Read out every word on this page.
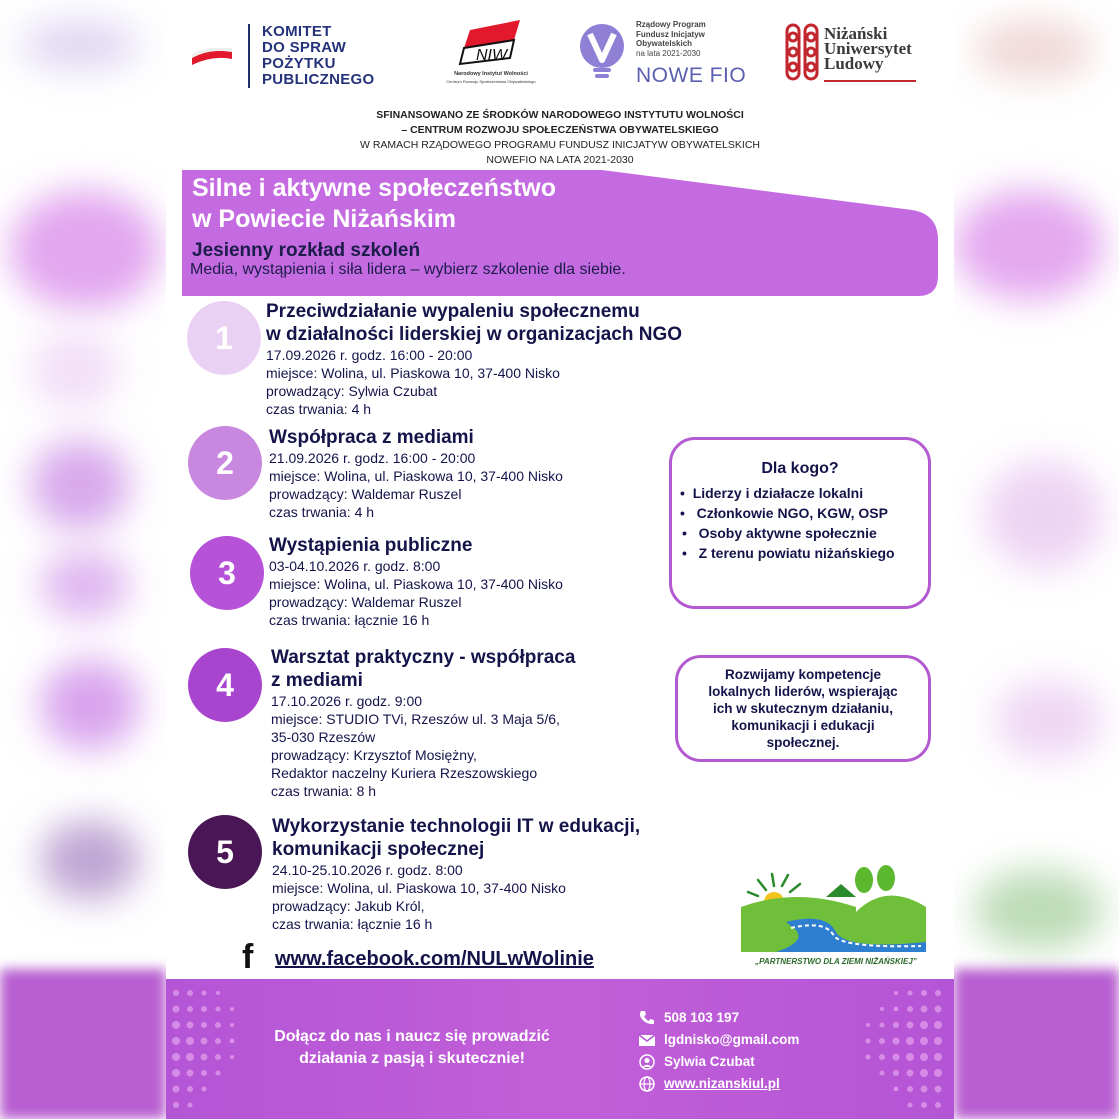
KOMITET
DO SPRAW
POŻYTKU
PUBLICZNEGO
NIW
Narodowy Instytut Wolności
Centrum Rozwoju Społeczeństwa Obywatelskiego
Rządowy Program
Fundusz Inicjatyw
Obywatelskich
na lata 2021-2030
NOWE FIO
Niżański
Uniwersytet
Ludowy
SFINANSOWANO ZE ŚRODKÓW NARODOWEGO INSTYTUTU WOLNOŚCI
– CENTRUM ROZWOJU SPOŁECZEŃSTWA OBYWATELSKIEGO
W RAMACH RZĄDOWEGO PROGRAMU FUNDUSZ INICJATYW OBYWATELSKICH
NOWEFIO NA LATA 2021-2030
Silne i aktywne społeczeństwo
w Powiecie Niżańskim
Jesienny rozkład szkoleń
Media, wystąpienia i siła lidera – wybierz szkolenie dla siebie.
1
Przeciwdziałanie wypaleniu społecznemu
w działalności liderskiej w organizacjach NGO
17.09.2026 r. godz. 16:00 - 20:00
miejsce: Wolina, ul. Piaskowa 10, 37-400 Nisko
prowadzący: Sylwia Czubat
czas trwania: 4 h
2
Współpraca z mediami
21.09.2026 r. godz. 16:00 - 20:00
miejsce: Wolina, ul. Piaskowa 10, 37-400 Nisko
prowadzący: Waldemar Ruszel
czas trwania: 4 h
3
Wystąpienia publiczne
03-04.10.2026 r. godz. 8:00
miejsce: Wolina, ul. Piaskowa 10, 37-400 Nisko
prowadzący: Waldemar Ruszel
czas trwania: łącznie 16 h
4
Warsztat praktyczny - współpraca
z mediami
17.10.2026 r. godz. 9:00
miejsce: STUDIO TVi, Rzeszów ul. 3 Maja 5/6,
35-030 Rzeszów
prowadzący: Krzysztof Mosiężny,
Redaktor naczelny Kuriera Rzeszowskiego
czas trwania: 8 h
5
Wykorzystanie technologii IT w edukacji,
komunikacji społecznej
24.10-25.10.2026 r. godz. 8:00
miejsce: Wolina, ul. Piaskowa 10, 37-400 Nisko
prowadzący: Jakub Król,
czas trwania: łącznie 16 h
Dla kogo?
•  Liderzy i działacze lokalni
•   Członkowie NGO, KGW, OSP
•   Osoby aktywne społecznie
•   Z terenu powiatu niżańskiego
Rozwijamy kompetencje
lokalnych liderów, wspierając
ich w skutecznym działaniu,
komunikacji i edukacji
społecznej.
f www.facebook.com/NULwWolinie	„PARTNERSTWO DLA ZIEMI NIŻAŃSKIEJ”
Dołącz do nas i naucz się prowadzić
działania z pasją i skutecznie!
508 103 197
lgdnisko@gmail.com
Sylwia Czubat
www.nizanskiul.pl
